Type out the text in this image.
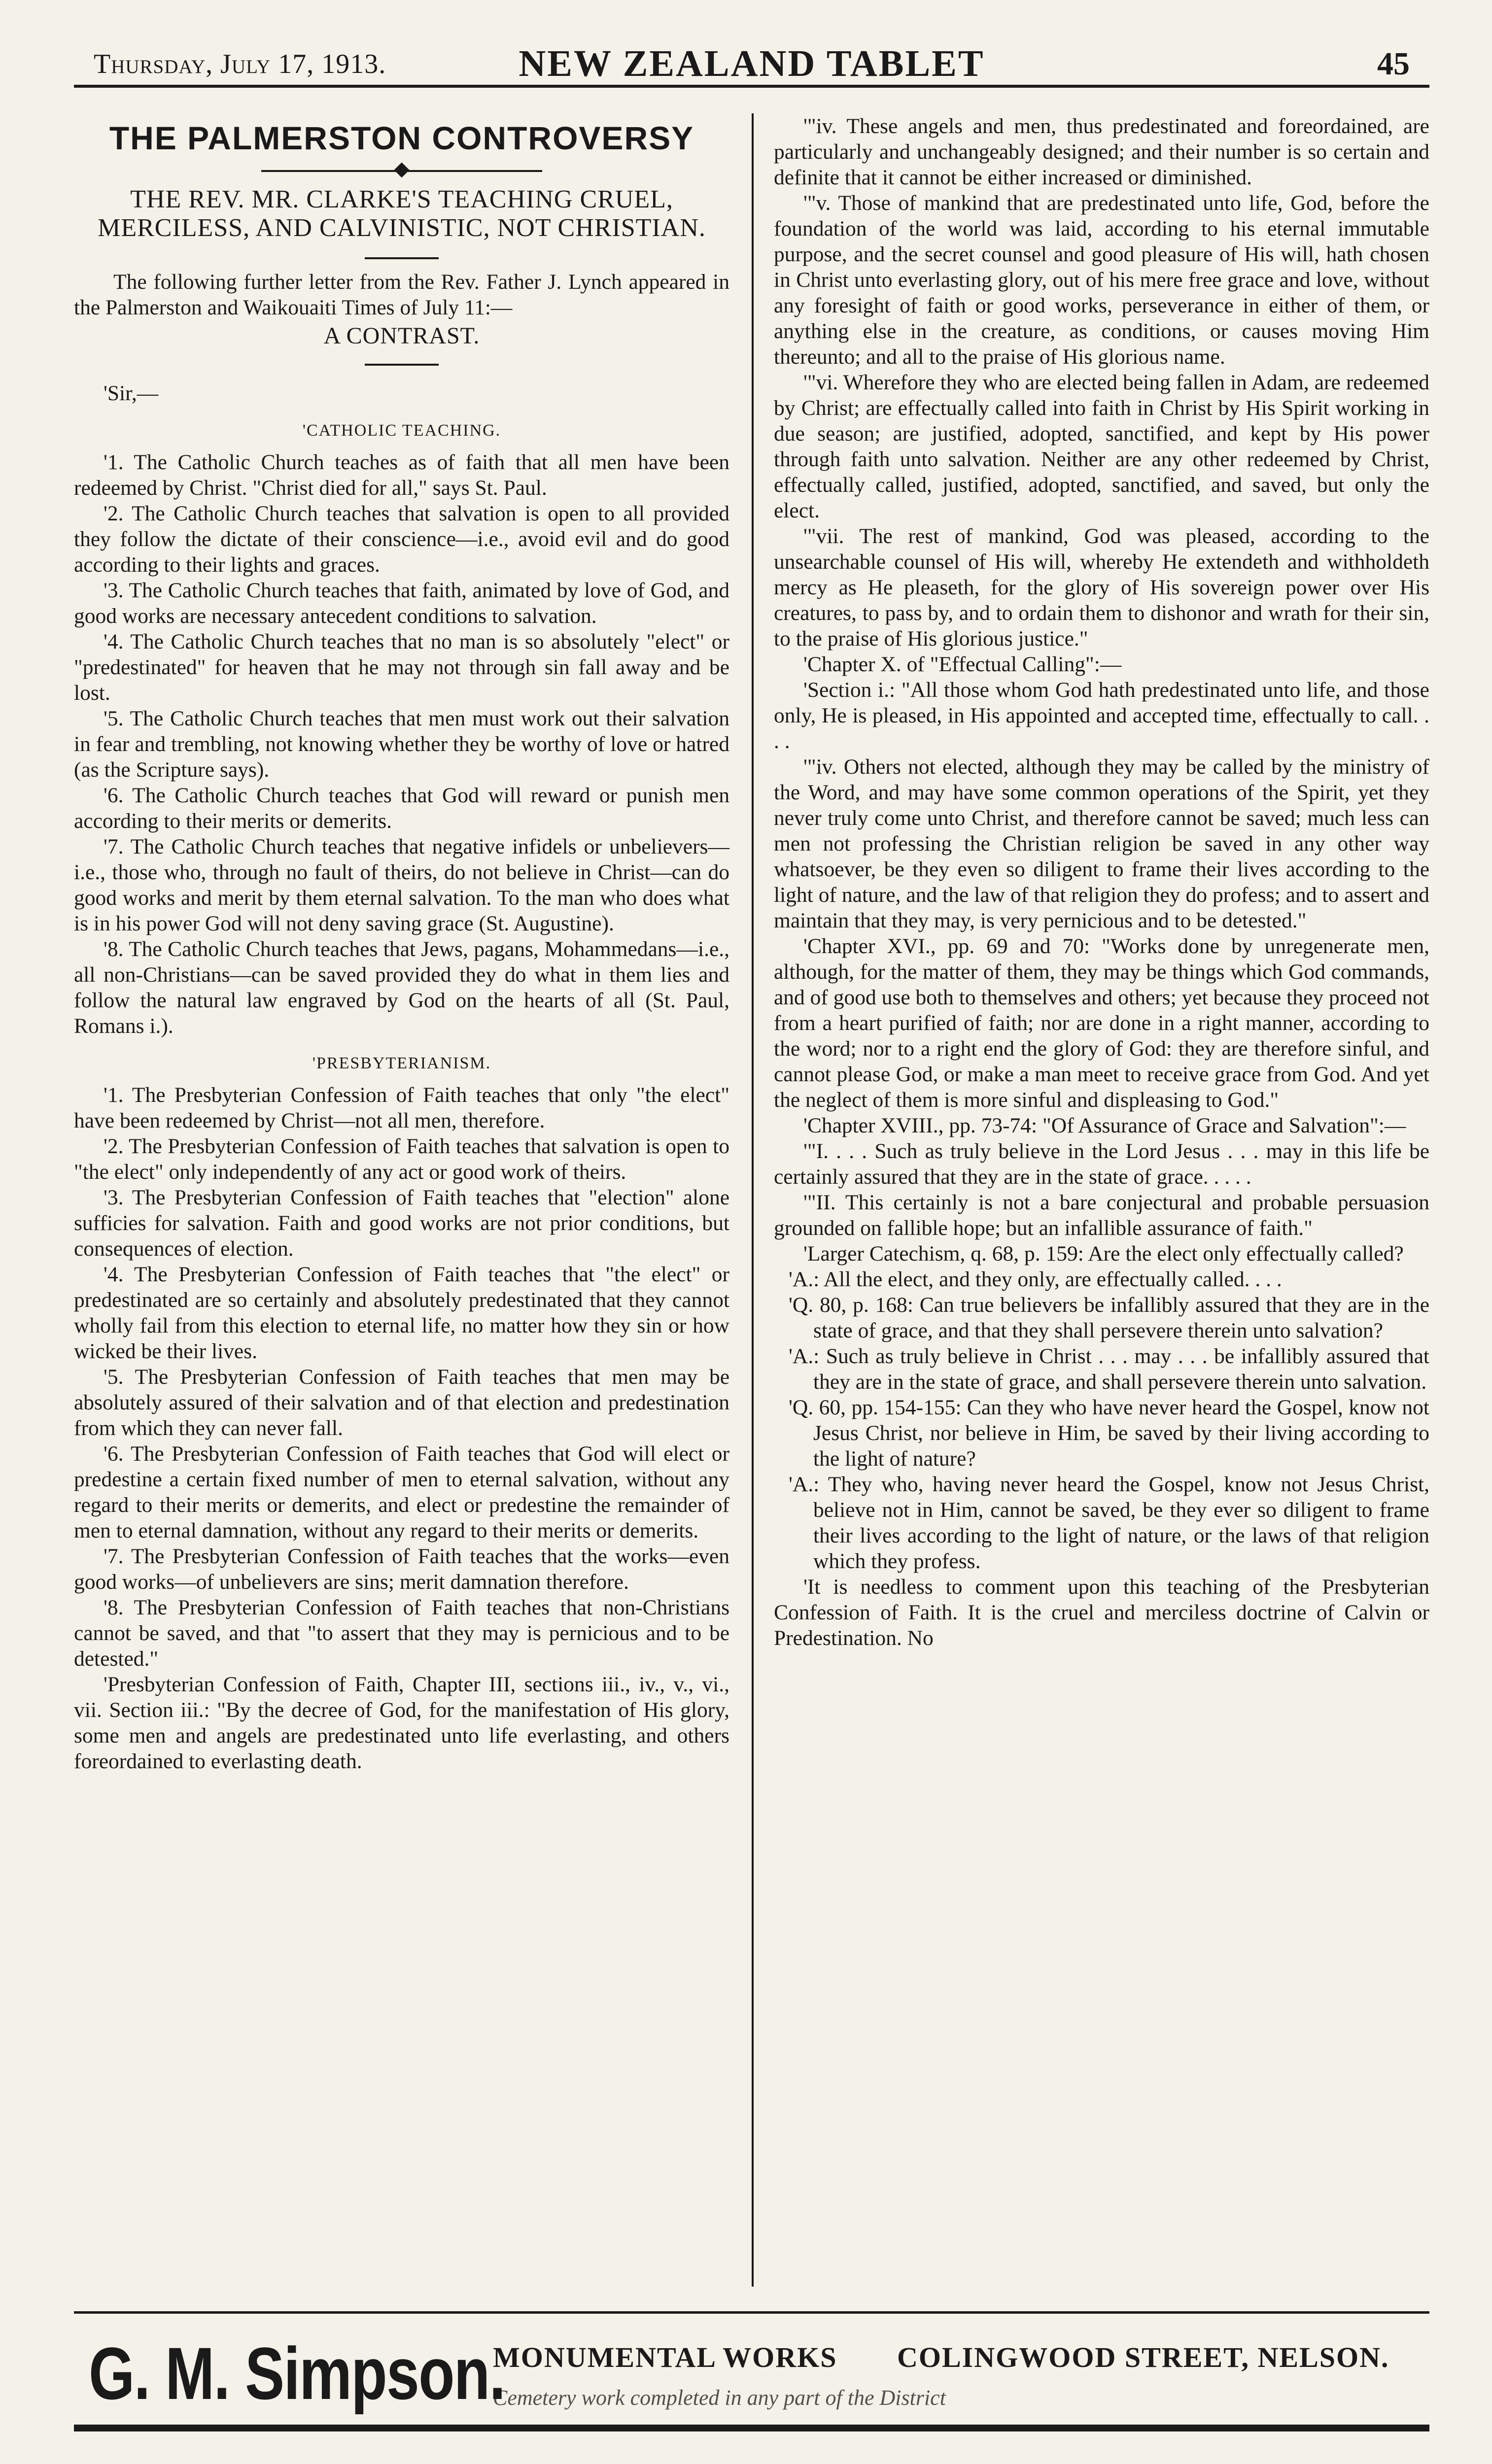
Thursday, July 17, 1913.	NEW ZEALAND TABLET	45
THE PALMERSTON CONTROVERSY
THE REV. MR. CLARKE'S TEACHING CRUEL, MERCILESS, AND CALVINISTIC, NOT CHRISTIAN.

The following further letter from the Rev. Father J. Lynch appeared in the Palmerston and Waikouaiti Times of July 11:—

A CONTRAST.
'Sir,—
'CATHOLIC TEACHING.

'1. The Catholic Church teaches as of faith that all men have been redeemed by Christ. "Christ died for all," says St. Paul.

'2. The Catholic Church teaches that salvation is open to all provided they follow the dictate of their conscience—i.e., avoid evil and do good according to their lights and graces.

'3. The Catholic Church teaches that faith, animated by love of God, and good works are necessary antecedent conditions to salvation.

'4. The Catholic Church teaches that no man is so absolutely "elect" or "predestinated" for heaven that he may not through sin fall away and be lost.

'5. The Catholic Church teaches that men must work out their salvation in fear and trembling, not knowing whether they be worthy of love or hatred (as the Scripture says).

'6. The Catholic Church teaches that God will reward or punish men according to their merits or demerits.

'7. The Catholic Church teaches that negative infidels or unbelievers—i.e., those who, through no fault of theirs, do not believe in Christ—can do good works and merit by them eternal salvation. To the man who does what is in his power God will not deny saving grace (St. Augustine).

'8. The Catholic Church teaches that Jews, pagans, Mohammedans—i.e., all non-Christians—can be saved provided they do what in them lies and follow the natural law engraved by God on the hearts of all (St. Paul, Romans i.).

'PRESBYTERIANISM.

'1. The Presbyterian Confession of Faith teaches that only "the elect" have been redeemed by Christ—not all men, therefore.

'2. The Presbyterian Confession of Faith teaches that salvation is open to "the elect" only independently of any act or good work of theirs.

'3. The Presbyterian Confession of Faith teaches that "election" alone sufficies for salvation. Faith and good works are not prior conditions, but consequences of election.

'4. The Presbyterian Confession of Faith teaches that "the elect" or predestinated are so certainly and absolutely predestinated that they cannot wholly fail from this election to eternal life, no matter how they sin or how wicked be their lives.

'5. The Presbyterian Confession of Faith teaches that men may be absolutely assured of their salvation and of that election and predestination from which they can never fall.

'6. The Presbyterian Confession of Faith teaches that God will elect or predestine a certain fixed number of men to eternal salvation, without any regard to their merits or demerits, and elect or predestine the remainder of men to eternal damnation, without any regard to their merits or demerits.

'7. The Presbyterian Confession of Faith teaches that the works—even good works—of unbelievers are sins; merit damnation therefore.

'8. The Presbyterian Confession of Faith teaches that non-Christians cannot be saved, and that "to assert that they may is pernicious and to be detested."

'Presbyterian Confession of Faith, Chapter III, sections iii., iv., v., vi., vii. Section iii.: "By the decree of God, for the manifestation of His glory, some men and angels are predestinated unto life everlasting, and others foreordained to everlasting death.

'"iv. These angels and men, thus predestinated and foreordained, are particularly and unchangeably designed; and their number is so certain and definite that it cannot be either increased or diminished.

'"v. Those of mankind that are predestinated unto life, God, before the foundation of the world was laid, according to his eternal immutable purpose, and the secret counsel and good pleasure of His will, hath chosen in Christ unto everlasting glory, out of his mere free grace and love, without any foresight of faith or good works, perseverance in either of them, or anything else in the creature, as conditions, or causes moving Him thereunto; and all to the praise of His glorious name.

'"vi. Wherefore they who are elected being fallen in Adam, are redeemed by Christ; are effectually called into faith in Christ by His Spirit working in due season; are justified, adopted, sanctified, and kept by His power through faith unto salvation. Neither are any other redeemed by Christ, effectually called, justified, adopted, sanctified, and saved, but only the elect.

'"vii. The rest of mankind, God was pleased, according to the unsearchable counsel of His will, whereby He extendeth and withholdeth mercy as He pleaseth, for the glory of His sovereign power over His creatures, to pass by, and to ordain them to dishonor and wrath for their sin, to the praise of His glorious justice."

'Chapter X. of "Effectual Calling":—

'Section i.: "All those whom God hath predestinated unto life, and those only, He is pleased, in His appointed and accepted time, effectually to call. . . .

'"iv. Others not elected, although they may be called by the ministry of the Word, and may have some common operations of the Spirit, yet they never truly come unto Christ, and therefore cannot be saved; much less can men not professing the Christian religion be saved in any other way whatsoever, be they even so diligent to frame their lives according to the light of nature, and the law of that religion they do profess; and to assert and maintain that they may, is very pernicious and to be detested."

'Chapter XVI., pp. 69 and 70: "Works done by unregenerate men, although, for the matter of them, they may be things which God commands, and of good use both to themselves and others; yet because they proceed not from a heart purified of faith; nor are done in a right manner, according to the word; nor to a right end the glory of God: they are therefore sinful, and cannot please God, or make a man meet to receive grace from God. And yet the neglect of them is more sinful and displeasing to God."

'Chapter XVIII., pp. 73-74: "Of Assurance of Grace and Salvation":—

'"I. . . . Such as truly believe in the Lord Jesus . . . may in this life be certainly assured that they are in the state of grace. . . . .

'"II. This certainly is not a bare conjectural and probable persuasion grounded on fallible hope; but an infallible assurance of faith."

'Larger Catechism, q. 68, p. 159: Are the elect only effectually called?

'A.: All the elect, and they only, are effectually called. . . .

'Q. 80, p. 168: Can true believers be infallibly assured that they are in the state of grace, and that they shall persevere therein unto salvation?

'A.: Such as truly believe in Christ . . . may . . . be infallibly assured that they are in the state of grace, and shall persevere therein unto salvation.

'Q. 60, pp. 154-155: Can they who have never heard the Gospel, know not Jesus Christ, nor believe in Him, be saved by their living according to the light of nature?

'A.: They who, having never heard the Gospel, know not Jesus Christ, believe not in Him, cannot be saved, be they ever so diligent to frame their lives according to the light of nature, or the laws of that religion which they profess.

'It is needless to comment upon this teaching of the Presbyterian Confession of Faith. It is the cruel and merciless doctrine of Calvin or Predestination. No

G. M. Simpson.
MONUMENTAL WORKS COLINGWOOD STREET, NELSON.
Cemetery work completed in any part of the District
